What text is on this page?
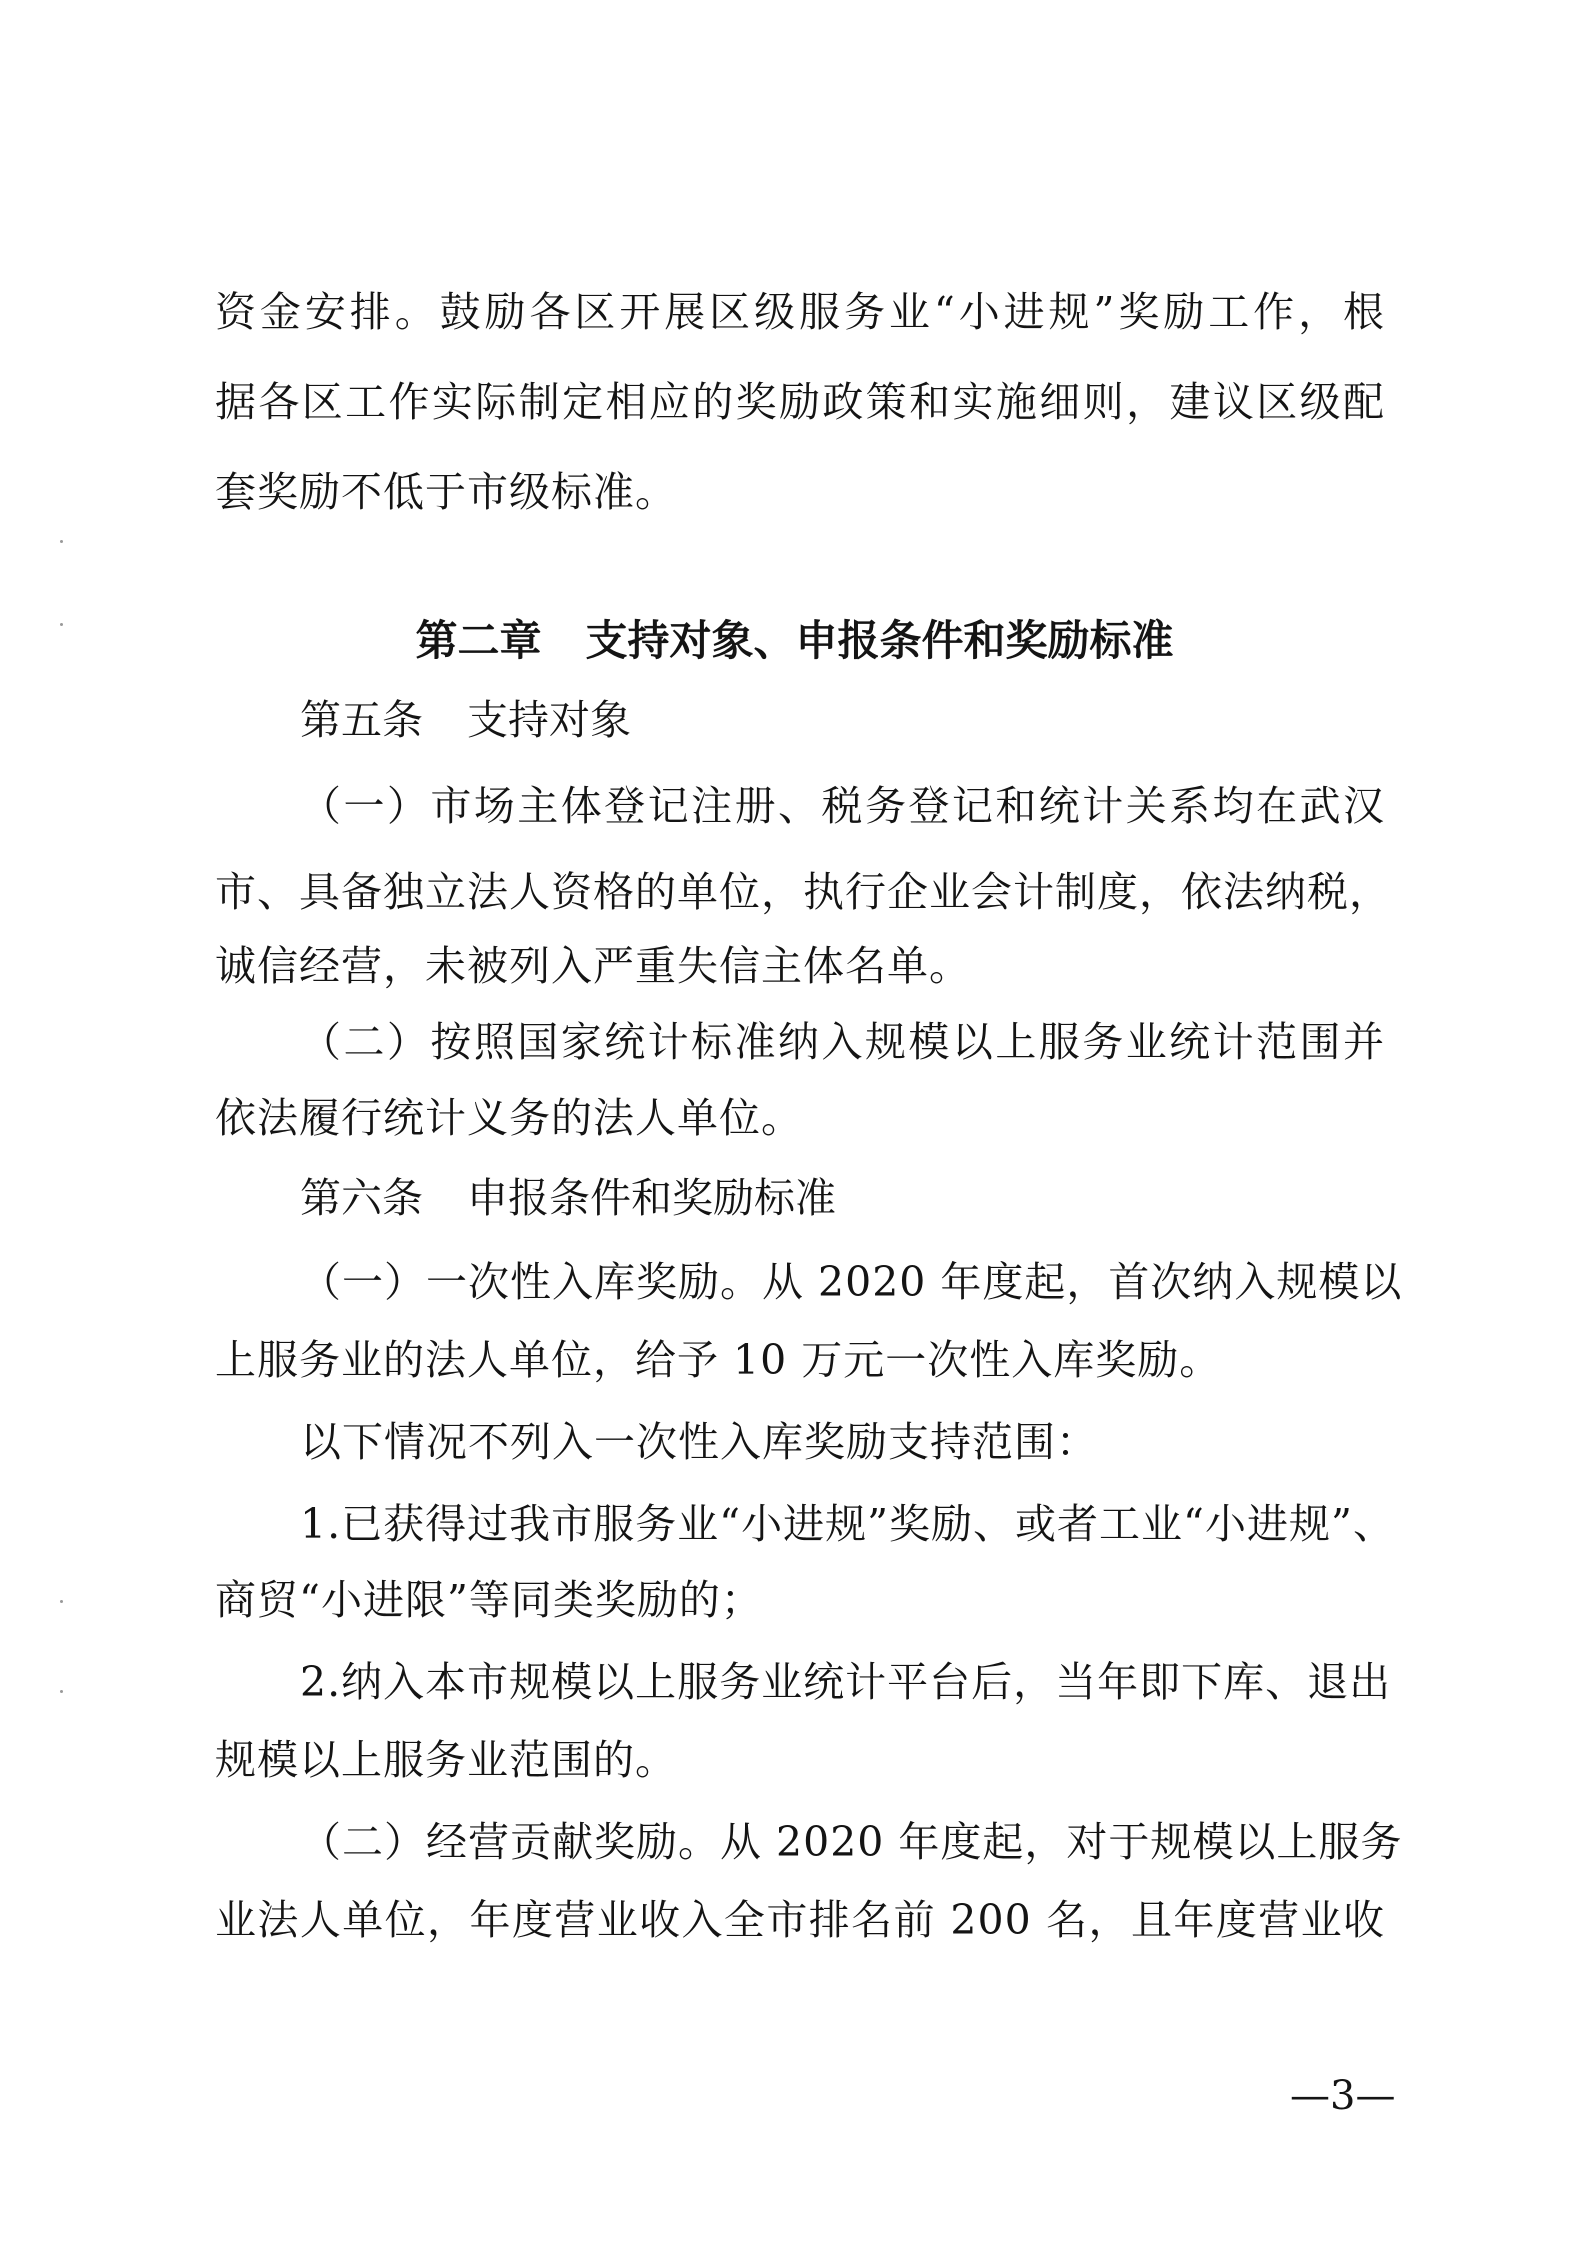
资金安排。鼓励各区开展区级服务业“小进规”奖励工作，根
据各区工作实际制定相应的奖励政策和实施细则，建议区级配
套奖励不低于市级标准。
第二章 支持对象、申报条件和奖励标准
第五条 支持对象
（一）市场主体登记注册、税务登记和统计关系均在武汉
市、具备独立法人资格的单位，执行企业会计制度，依法纳税，
诚信经营，未被列入严重失信主体名单。
（二）按照国家统计标准纳入规模以上服务业统计范围并
依法履行统计义务的法人单位。
第六条 申报条件和奖励标准
（一）一次性入库奖励。从 2020 年度起，首次纳入规模以
上服务业的法人单位，给予 10 万元一次性入库奖励。
以下情况不列入一次性入库奖励支持范围：
1.已获得过我市服务业“小进规”奖励、或者工业“小进规”、
商贸“小进限”等同类奖励的；
2.纳入本市规模以上服务业统计平台后，当年即下库、退出
规模以上服务业范围的。
（二）经营贡献奖励。从 2020 年度起，对于规模以上服务
业法人单位，年度营业收入全市排名前 200 名，且年度营业收
—3—
